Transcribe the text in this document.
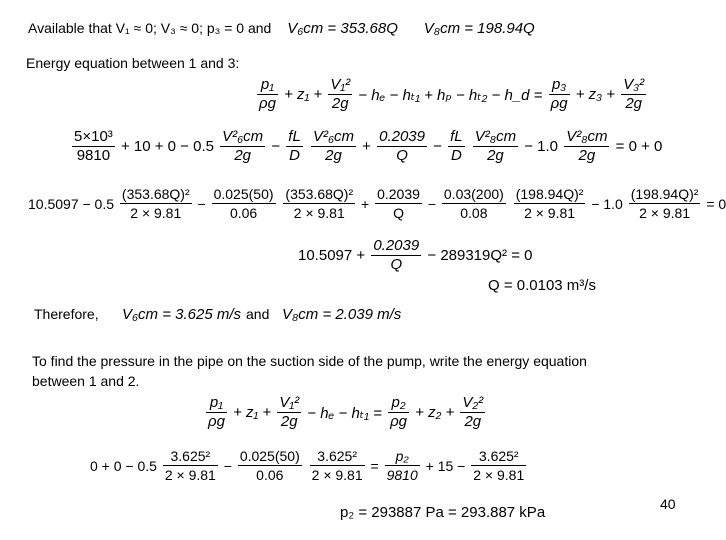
Available that V₁ ≈ 0; V₃ ≈ 0; p₃ = 0 and V₆cm = 353.68Q V₈cm = 198.94Q
Energy equation between 1 and 3:
$\frac{\text{p₁}}{\rho g} + z_1 + \frac{\text{V₁²}}{2g} - h_e - h_{t1} + h_p - h_{t2}$ − h_d = $\frac{\text{p₃}}{\rho g} + z_3 + \frac{\text{V₃²}}{2g}$
$\frac{\text{5×10³}}{9810} + 10 + 0 - 0.5 \frac{\text{V²₆cm}}{2g} - \frac{fL}{D}$
$\frac{\text{V²₆cm}}{2g} + \frac{0.2039}{Q} - \frac{fL}{D}$
$\frac{\text{V²₈cm}}{2g} - 1.0 \frac{\text{V²₈cm}}{2g} = 0 + 0$
$10.5097 - 0.5 \frac{\text{(353.68Q)²}}{2 \times 9.81} - \frac{0.025(50)}{0.06}$
$\frac{\text{(353.68Q)²}}{2 \times 9.81} + \frac{0.2039}{Q} - \frac{0.03(200)}{0.08}$
$\frac{\text{(198.94Q)²}}{2 \times 9.81} - 1.0 \frac{\text{(198.94Q)²}}{2 \times 9.81} = 0$
$10.5097 + \frac{0.2039}{Q} - 289319Q^2 = 0$
Q = 0.0103 m³/s
Therefore, V₆cm = 3.625 m/s and V₈cm = 2.039 m/s
To find the pressure in the pipe on the suction side of the pump, write the energy equation
between 1 and 2.
$\frac{\text{p₁}}{\rho g} + z_1 + \frac{\text{V₁²}}{2g} - h_e - h_{t1} = \frac{\text{p₂}}{\rho g} + z_2 + \frac{\text{V₂²}}{2g}$
$0 + 0 - 0.5 \frac{\text{3.625²}}{2 \times 9.81} - \frac{0.025(50)}{0.06}$
$\frac{\text{3.625²}}{2 \times 9.81} = \frac{\text{p₂}}{9810} + 15 - \frac{\text{3.625²}}{2 \times 9.81}$
p₂ = 293887 Pa = 293.887 kPa	40
